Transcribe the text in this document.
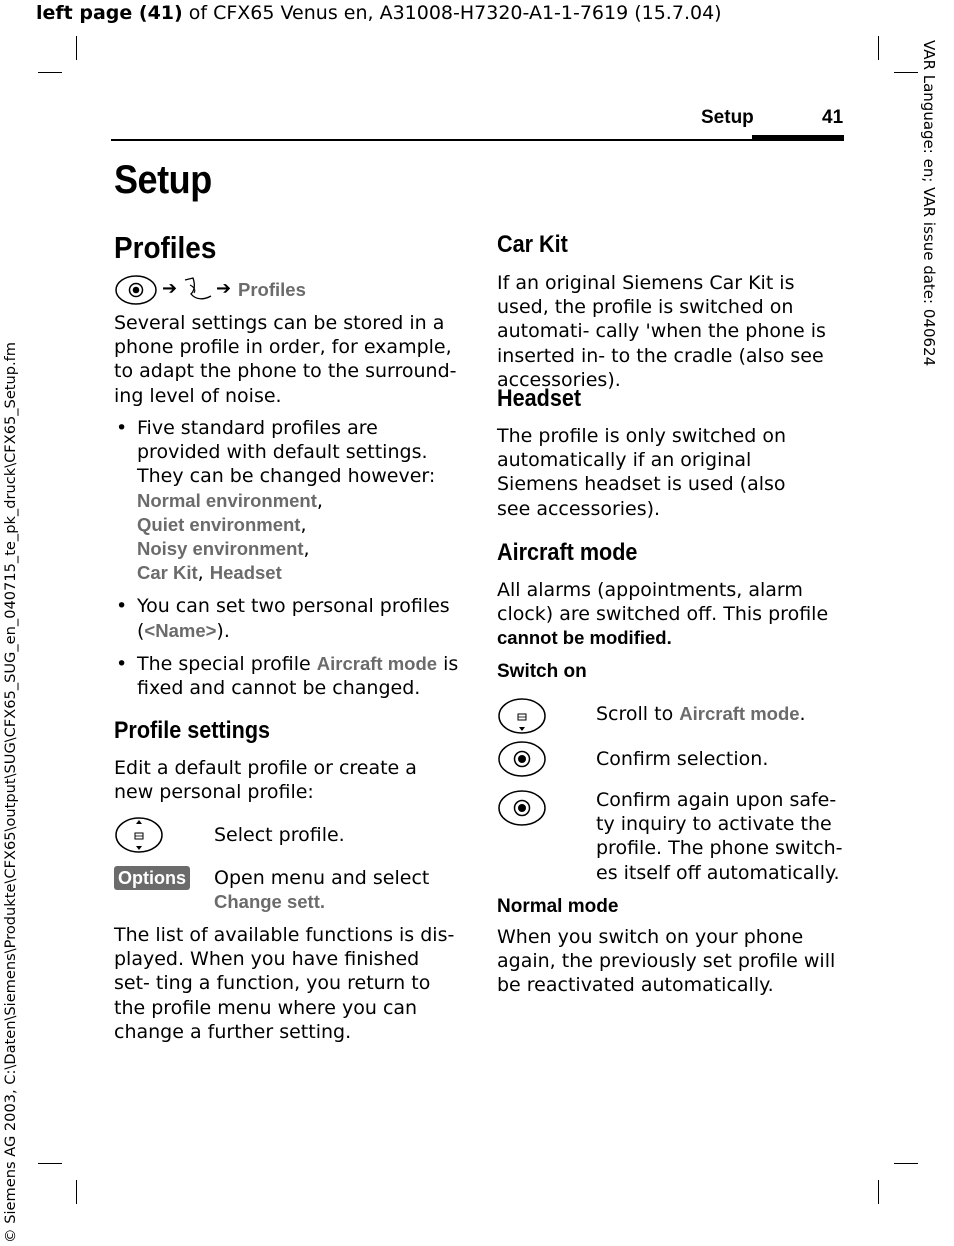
left page (41) of CFX65 Venus en, A31008-H7320-A1-1-7619 (15.7.04)
VAR Language: en; VAR issue date: 040624
© Siemens AG 2003, C:\Daten\Siemens\Produkte\CFX65\output\SUG\CFX65_SUG_en_040715_te_pk_druck\CFX65_Setup.fm
Setup	41
Setup
Profiles
➔ ➔ Profiles
Several settings can be stored in a phone profile in order, for example, to adapt the phone to the surround- ing level of noise.
• Five standard profiles are provided with default settings. They can be changed however:
Normal environment,
Quiet environment,
Noisy environment,
Car Kit, Headset
• You can set two personal profiles (<Name>).
• The special profile Aircraft mode is fixed and cannot be changed.
Profile settings
Edit a default profile or create a new personal profile:
Select profile.
Options Open menu and select
Change sett.
The list of available functions is dis- played. When you have finished set- ting a function, you return to the profile menu where you can change a further setting.
Car Kit
If an original Siemens Car Kit is used, the profile is switched on automati- cally 'when the phone is inserted in- to the cradle (also see accessories).
Headset
The profile is only switched on automatically if an original Siemens headset is used (also see accessories).
Aircraft mode
All alarms (appointments, alarm clock) are switched off. This profile
cannot be modified.
Switch on
Scroll to Aircraft mode.
Confirm selection.
Confirm again upon safe- ty inquiry to activate the profile. The phone switch- es itself off automatically.
Normal mode
When you switch on your phone again, the previously set profile will be reactivated automatically.
